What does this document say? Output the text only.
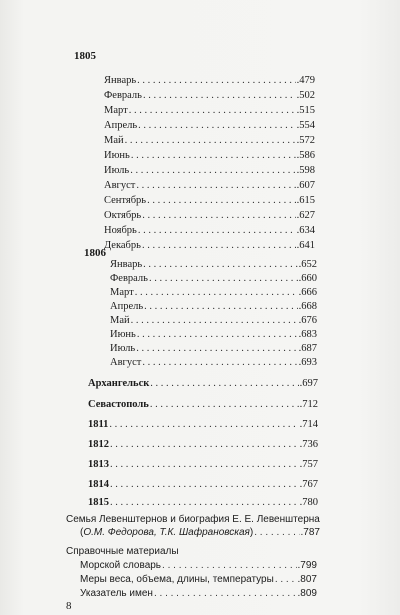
1805
Январь . . .	.479
Февраль . . .	.502
Март . . .	.515
Апрель . . .	.554
Май . . .	.572
Июнь . . .	.586
Июль . . .	.598
Август . . .	.607
Сентябрь . . .	.615
Октябрь . . .	.627
Ноябрь . . .	.634
Декабрь . . .	.641
1806
Январь . . .	.652
Февраль . . .	.660
Март . . .	.666
Апрель . . .	.668
Май . . .	.676
Июнь . . .	.683
Июль . . .	.687
Август . . .	.693
Архангельск . . .	.697
Севастополь . . .	.712
1811 . . .	.714
1812 . . .	.736
1813 . . .	.757
1814 . . .	.767
1815 . . .	.780
Семья Левенштернов и биография Е. Е. Левенштерна
(О.М. Федорова, Т.К. Шафрановская) . . .	.787
Справочные материалы
Морской словарь . . .	.799
Меры веса, объема, длины, температуры . . . .807
Указатель имен . . .	.809
8
